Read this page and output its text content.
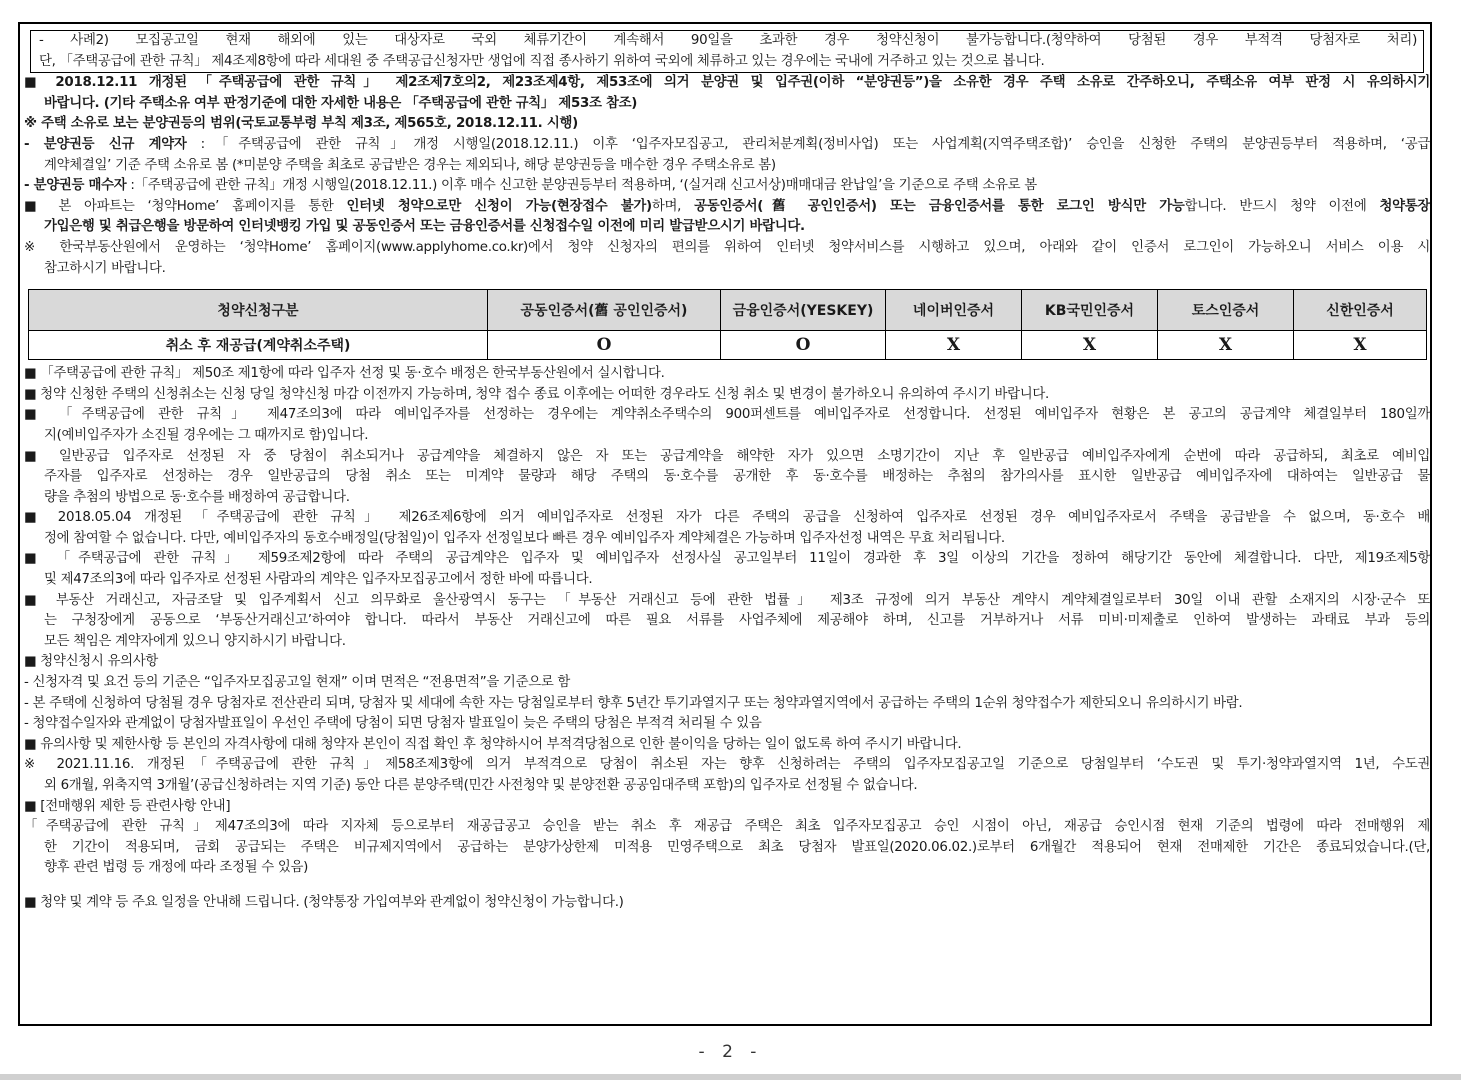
- 사례2) 모집공고일 현재 해외에 있는 대상자로 국외 체류기간이 계속해서 90일을 초과한 경우 청약신청이 불가능합니다.(청약하여 당첨된 경우 부적격 당첨자로 처리)

단, 「주택공급에 관한 규칙」 제4조제8항에 따라 세대원 중 주택공급신청자만 생업에 직접 종사하기 위하여 국외에 체류하고 있는 경우에는 국내에 거주하고 있는 것으로 봅니다.

■ 2018.12.11 개정된 「주택공급에 관한 규칙」 제2조제7호의2, 제23조제4항, 제53조에 의거 분양권 및 입주권(이하 “분양권등”)을 소유한 경우 주택 소유로 간주하오니, 주택소유 여부 판정 시 유의하시기

바랍니다. (기타 주택소유 여부 판정기준에 대한 자세한 내용은 「주택공급에 관한 규칙」 제53조 참조)

※ 주택 소유로 보는 분양권등의 범위(국토교통부령 부칙 제3조, 제565호, 2018.12.11. 시행)

- 분양권등 신규 계약자 :「주택공급에 관한 규칙」개정 시행일(2018.12.11.) 이후 ‘입주자모집공고, 관리처분계획(정비사업) 또는 사업계획(지역주택조합)’ 승인을 신청한 주택의 분양권등부터 적용하며, ‘공급

계약체결일’ 기준 주택 소유로 봄 (*미분양 주택을 최초로 공급받은 경우는 제외되나, 해당 분양권등을 매수한 경우 주택소유로 봄)

- 분양권등 매수자 :「주택공급에 관한 규칙」개정 시행일(2018.12.11.) 이후 매수 신고한 분양권등부터 적용하며, ‘(실거래 신고서상)매매대금 완납일’을 기준으로 주택 소유로 봄

■ 본 아파트는 ‘청약Home’ 홈페이지를 통한 인터넷 청약으로만 신청이 가능(현장접수 불가)하며, 공동인증서(舊 공인인증서) 또는 금융인증서를 통한 로그인 방식만 가능합니다. 반드시 청약 이전에 청약통장

가입은행 및 취급은행을 방문하여 인터넷뱅킹 가입 및 공동인증서 또는 금융인증서를 신청접수일 이전에 미리 발급받으시기 바랍니다.

※ 한국부동산원에서 운영하는 ‘청약Home’ 홈페이지(www.applyhome.co.kr)에서 청약 신청자의 편의를 위하여 인터넷 청약서비스를 시행하고 있으며, 아래와 같이 인증서 로그인이 가능하오니 서비스 이용 시

참고하시기 바랍니다.

청약신청구분	공동인증서(舊 공인인증서)	금융인증서(YESKEY)	네이버인증서	KB국민인증서	토스인증서	신한인증서
취소 후 재공급(계약취소주택)	O	O	X	X	X	X

■ 「주택공급에 관한 규칙」 제50조 제1항에 따라 입주자 선정 및 동·호수 배정은 한국부동산원에서 실시합니다.

■ 청약 신청한 주택의 신청취소는 신청 당일 청약신청 마감 이전까지 가능하며, 청약 접수 종료 이후에는 어떠한 경우라도 신청 취소 및 변경이 불가하오니 유의하여 주시기 바랍니다.

■ 「주택공급에 관한 규칙」 제47조의3에 따라 예비입주자를 선정하는 경우에는 계약취소주택수의 900퍼센트를 예비입주자로 선정합니다. 선정된 예비입주자 현황은 본 공고의 공급계약 체결일부터 180일까

지(예비입주자가 소진될 경우에는 그 때까지로 함)입니다.

■ 일반공급 입주자로 선정된 자 중 당첨이 취소되거나 공급계약을 체결하지 않은 자 또는 공급계약을 해약한 자가 있으면 소명기간이 지난 후 일반공급 예비입주자에게 순번에 따라 공급하되, 최초로 예비입

주자를 입주자로 선정하는 경우 일반공급의 당첨 취소 또는 미계약 물량과 해당 주택의 동·호수를 공개한 후 동·호수를 배정하는 추첨의 참가의사를 표시한 일반공급 예비입주자에 대하여는 일반공급 물

량을 추첨의 방법으로 동·호수를 배정하여 공급합니다.

■ 2018.05.04 개정된 「주택공급에 관한 규칙」 제26조제6항에 의거 예비입주자로 선정된 자가 다른 주택의 공급을 신청하여 입주자로 선정된 경우 예비입주자로서 주택을 공급받을 수 없으며, 동·호수 배

정에 참여할 수 없습니다. 다만, 예비입주자의 동호수배정일(당첨일)이 입주자 선정일보다 빠른 경우 예비입주자 계약체결은 가능하며 입주자선정 내역은 무효 처리됩니다.

■ 「주택공급에 관한 규칙」 제59조제2항에 따라 주택의 공급계약은 입주자 및 예비입주자 선정사실 공고일부터 11일이 경과한 후 3일 이상의 기간을 정하여 해당기간 동안에 체결합니다. 다만, 제19조제5항

및 제47조의3에 따라 입주자로 선정된 사람과의 계약은 입주자모집공고에서 정한 바에 따릅니다.

■ 부동산 거래신고, 자금조달 및 입주계획서 신고 의무화로 울산광역시 동구는 「부동산 거래신고 등에 관한 법률」 제3조 규정에 의거 부동산 계약시 계약체결일로부터 30일 이내 관할 소재지의 시장·군수 또

는 구청장에게 공동으로 ‘부동산거래신고’하여야 합니다. 따라서 부동산 거래신고에 따른 필요 서류를 사업주체에 제공해야 하며, 신고를 거부하거나 서류 미비·미제출로 인하여 발생하는 과태료 부과 등의

모든 책임은 계약자에게 있으니 양지하시기 바랍니다.

■ 청약신청시 유의사항

- 신청자격 및 요건 등의 기준은 “입주자모집공고일 현재” 이며 면적은 “전용면적”을 기준으로 함

- 본 주택에 신청하여 당첨될 경우 당첨자로 전산관리 되며, 당첨자 및 세대에 속한 자는 당첨일로부터 향후 5년간 투기과열지구 또는 청약과열지역에서 공급하는 주택의 1순위 청약접수가 제한되오니 유의하시기 바람.

- 청약접수일자와 관계없이 당첨자발표일이 우선인 주택에 당첨이 되면 당첨자 발표일이 늦은 주택의 당첨은 부적격 처리될 수 있음

■ 유의사항 및 제한사항 등 본인의 자격사항에 대해 청약자 본인이 직접 확인 후 청약하시어 부적격당첨으로 인한 불이익을 당하는 일이 없도록 하여 주시기 바랍니다.

※ 2021.11.16. 개정된「주택공급에 관한 규칙」제58조제3항에 의거 부적격으로 당첨이 취소된 자는 향후 신청하려는 주택의 입주자모집공고일 기준으로 당첨일부터 ‘수도권 및 투기·청약과열지역 1년, 수도권

외 6개월, 위축지역 3개월’(공급신청하려는 지역 기준) 동안 다른 분양주택(민간 사전청약 및 분양전환 공공임대주택 포함)의 입주자로 선정될 수 없습니다.

■ [전매행위 제한 등 관련사항 안내]

「주택공급에 관한 규칙」제47조의3에 따라 지자체 등으로부터 재공급공고 승인을 받는 취소 후 재공급 주택은 최초 입주자모집공고 승인 시점이 아닌, 재공급 승인시점 현재 기준의 법령에 따라 전매행위 제

한 기간이 적용되며, 금회 공급되는 주택은 비규제지역에서 공급하는 분양가상한제 미적용 민영주택으로 최초 당첨자 발표일(2020.06.02.)로부터 6개월간 적용되어 현재 전매제한 기간은 종료되었습니다.(단,

향후 관련 법령 등 개정에 따라 조정될 수 있음)

■ 청약 및 계약 등 주요 일정을 안내해 드립니다. (청약통장 가입여부와 관계없이 청약신청이 가능합니다.)

- 2 -
